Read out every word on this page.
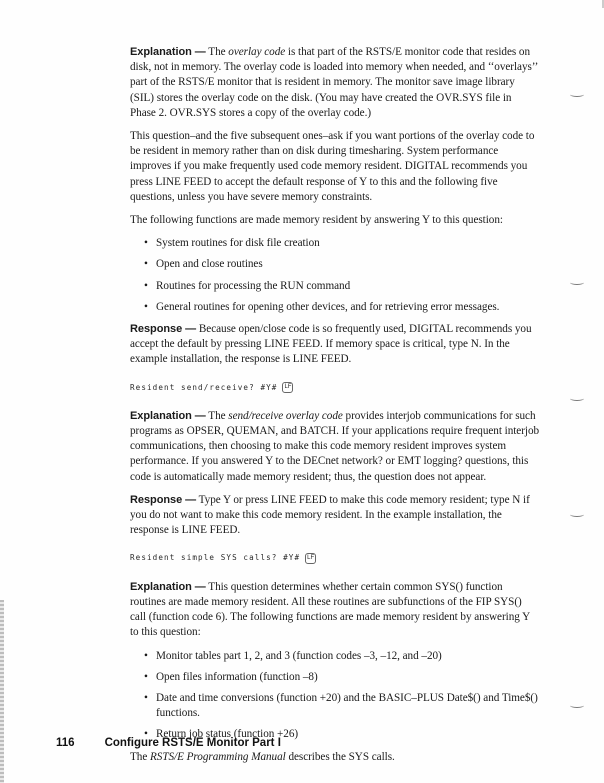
Explanation — The overlay code is that part of the RSTS/E monitor code that resides on disk, not in memory. The overlay code is loaded into memory when needed, and ‘‘overlays’’ part of the RSTS/E monitor that is resident in memory. The monitor save image library (SIL) stores the overlay code on the disk. (You may have created the OVR.SYS file in Phase 2. OVR.SYS stores a copy of the overlay code.)

This question–and the five subsequent ones–ask if you want portions of the overlay code to be resident in memory rather than on disk during timesharing. System performance improves if you make frequently used code memory resident. DIGITAL recommends you press LINE FEED to accept the default response of Y to this and the following five questions, unless you have severe memory constraints.

The following functions are made memory resident by answering Y to this question:

• System routines for disk file creation
• Open and close routines
• Routines for processing the RUN command
• General routines for opening other devices, and for retrieving error messages.

Response — Because open/close code is so frequently used, DIGITAL recommends you accept the default by pressing LINE FEED. If memory space is critical, type N. In the example installation, the response is LINE FEED.

Resident send/receive? #Y#	LF

Explanation — The send/receive overlay code provides interjob communications for such programs as OPSER, QUEMAN, and BATCH. If your applications require frequent interjob communications, then choosing to make this code memory resident improves system performance. If you answered Y to the DECnet network? or EMT logging? questions, this code is automatically made memory resident; thus, the question does not appear.

Response — Type Y or press LINE FEED to make this code memory resident; type N if you do not want to make this code memory resident. In the example installation, the response is LINE FEED.

Resident simple SYS calls? #Y#	LF

Explanation — This question determines whether certain common SYS() function routines are made memory resident. All these routines are subfunctions of the FIP SYS() call (function code 6). The following functions are made memory resident by answering Y to this question:

• Monitor tables part 1, 2, and 3 (function codes –3, –12, and –20)
• Open files information (function –8)
• Date and time conversions (function +20) and the BASIC–PLUS Date$() and Time$() functions.
• Return job status (function +26)

The RSTS/E Programming Manual describes the SYS calls.

116	Configure RSTS/E Monitor Part I
